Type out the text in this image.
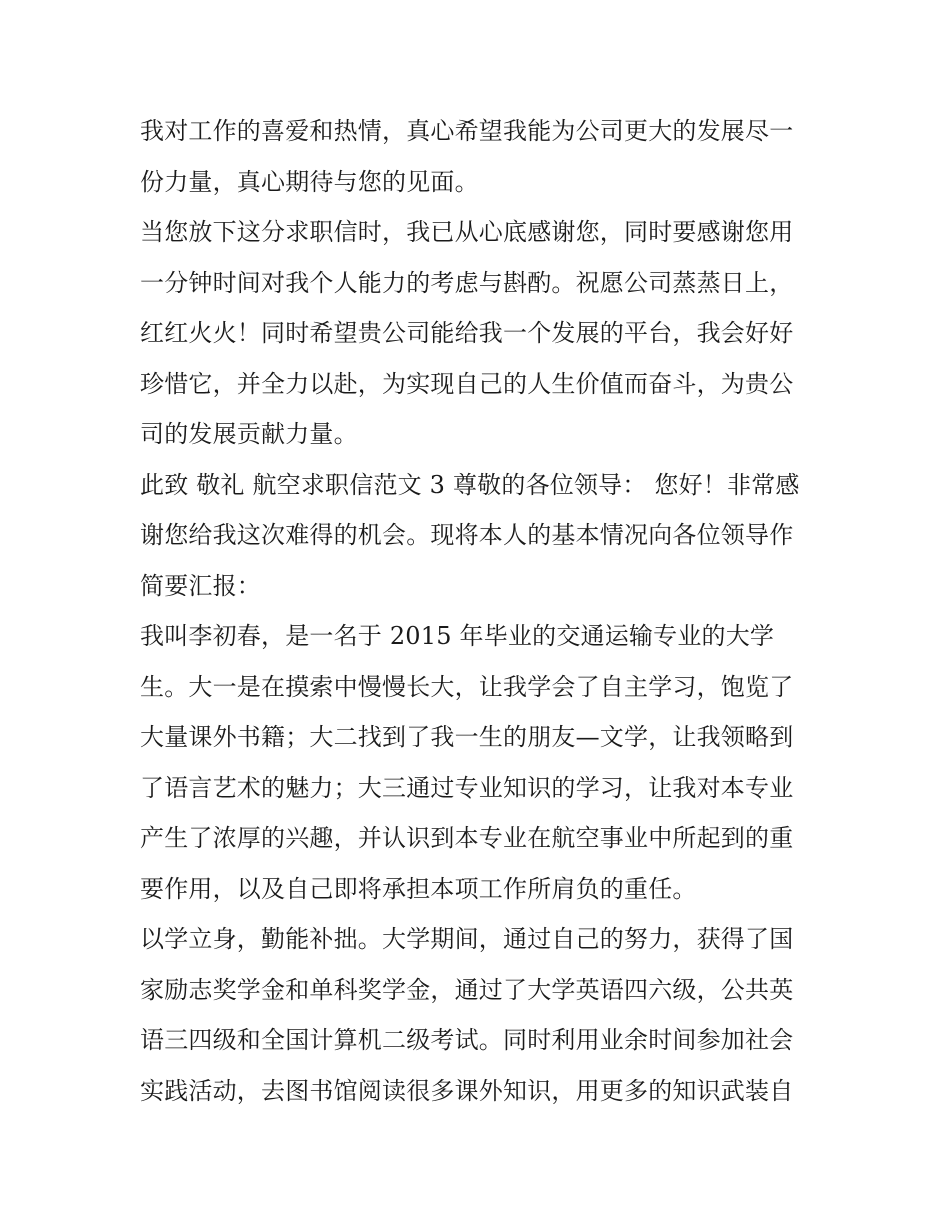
我对工作的喜爱和热情，真心希望我能为公司更大的发展尽一
份力量，真心期待与您的见面。
当您放下这分求职信时，我已从心底感谢您，同时要感谢您用
一分钟时间对我个人能力的考虑与斟酌。祝愿公司蒸蒸日上，
红红火火！同时希望贵公司能给我一个发展的平台，我会好好
珍惜它，并全力以赴，为实现自己的人生价值而奋斗，为贵公
司的发展贡献力量。
此致 敬礼 航空求职信范文 3 尊敬的各位领导： 您好！非常感
谢您给我这次难得的机会。现将本人的基本情况向各位领导作
简要汇报：
我叫李初春，是一名于 2015 年毕业的交通运输专业的大学
生。大一是在摸索中慢慢长大，让我学会了自主学习，饱览了
大量课外书籍；大二找到了我一生的朋友—文学，让我领略到
了语言艺术的魅力；大三通过专业知识的学习，让我对本专业
产生了浓厚的兴趣，并认识到本专业在航空事业中所起到的重
要作用，以及自己即将承担本项工作所肩负的重任。
以学立身，勤能补拙。大学期间，通过自己的努力，获得了国
家励志奖学金和单科奖学金，通过了大学英语四六级，公共英
语三四级和全国计算机二级考试。同时利用业余时间参加社会
实践活动，去图书馆阅读很多课外知识，用更多的知识武装自
